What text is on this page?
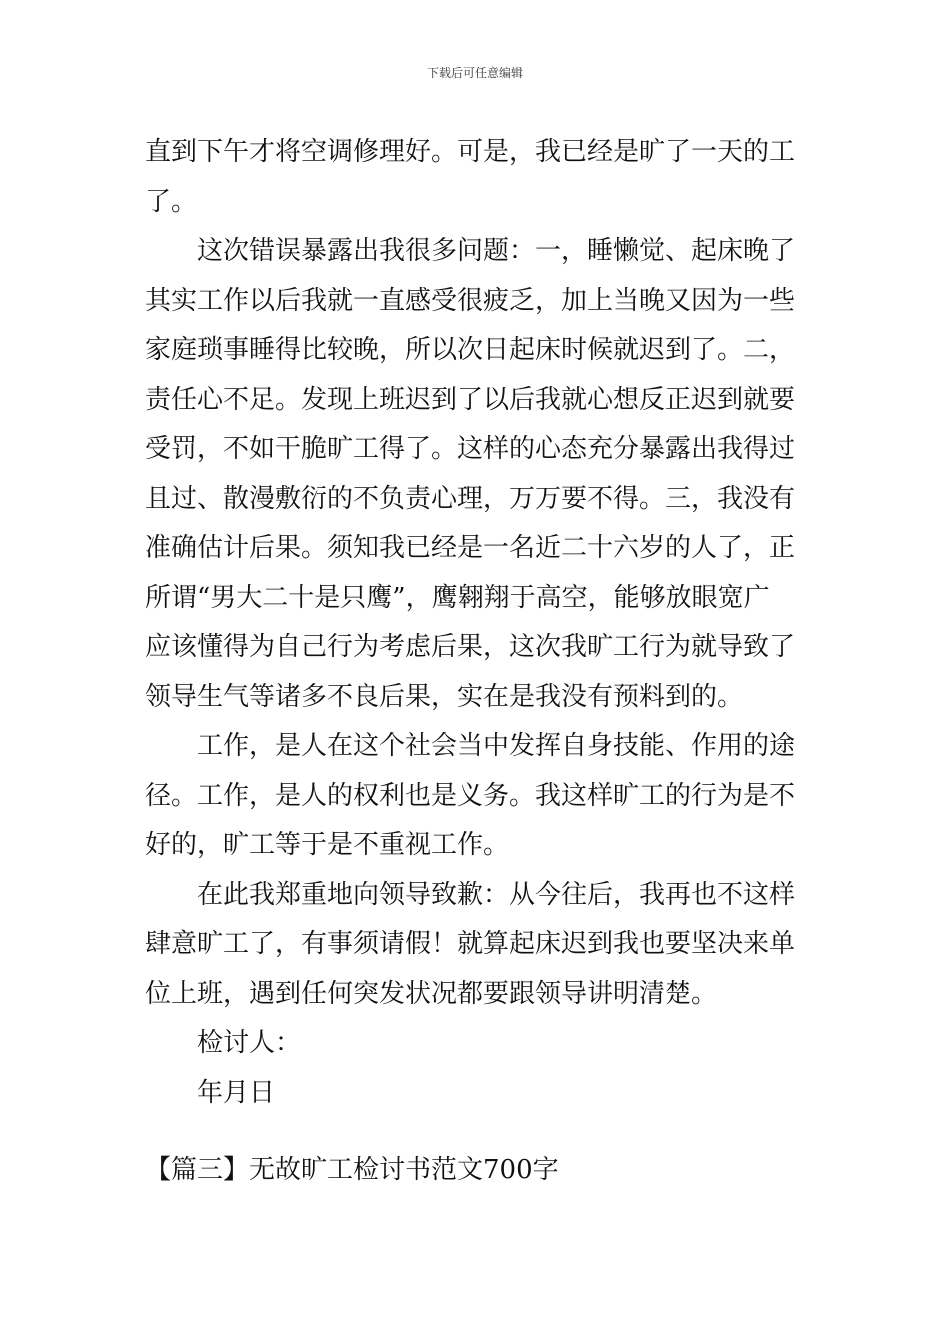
下载后可任意编辑
直到下午才将空调修理好。可是，我已经是旷了一天的工
了。
这次错误暴露出我很多问题：一，睡懒觉、起床晚了
其实工作以后我就一直感受很疲乏，加上当晚又因为一些
家庭琐事睡得比较晚，所以次日起床时候就迟到了。二，
责任心不足。发现上班迟到了以后我就心想反正迟到就要
受罚，不如干脆旷工得了。这样的心态充分暴露出我得过
且过、散漫敷衍的不负责心理，万万要不得。三，我没有
准确估计后果。须知我已经是一名近二十六岁的人了，正
所谓“男大二十是只鹰”，鹰翱翔于高空，能够放眼宽广
应该懂得为自己行为考虑后果，这次我旷工行为就导致了
领导生气等诸多不良后果，实在是我没有预料到的。
工作，是人在这个社会当中发挥自身技能、作用的途
径。工作，是人的权利也是义务。我这样旷工的行为是不
好的，旷工等于是不重视工作。
在此我郑重地向领导致歉：从今往后，我再也不这样
肆意旷工了，有事须请假！就算起床迟到我也要坚决来单
位上班，遇到任何突发状况都要跟领导讲明清楚。
检讨人：
年月日
【篇三】无故旷工检讨书范文700字
